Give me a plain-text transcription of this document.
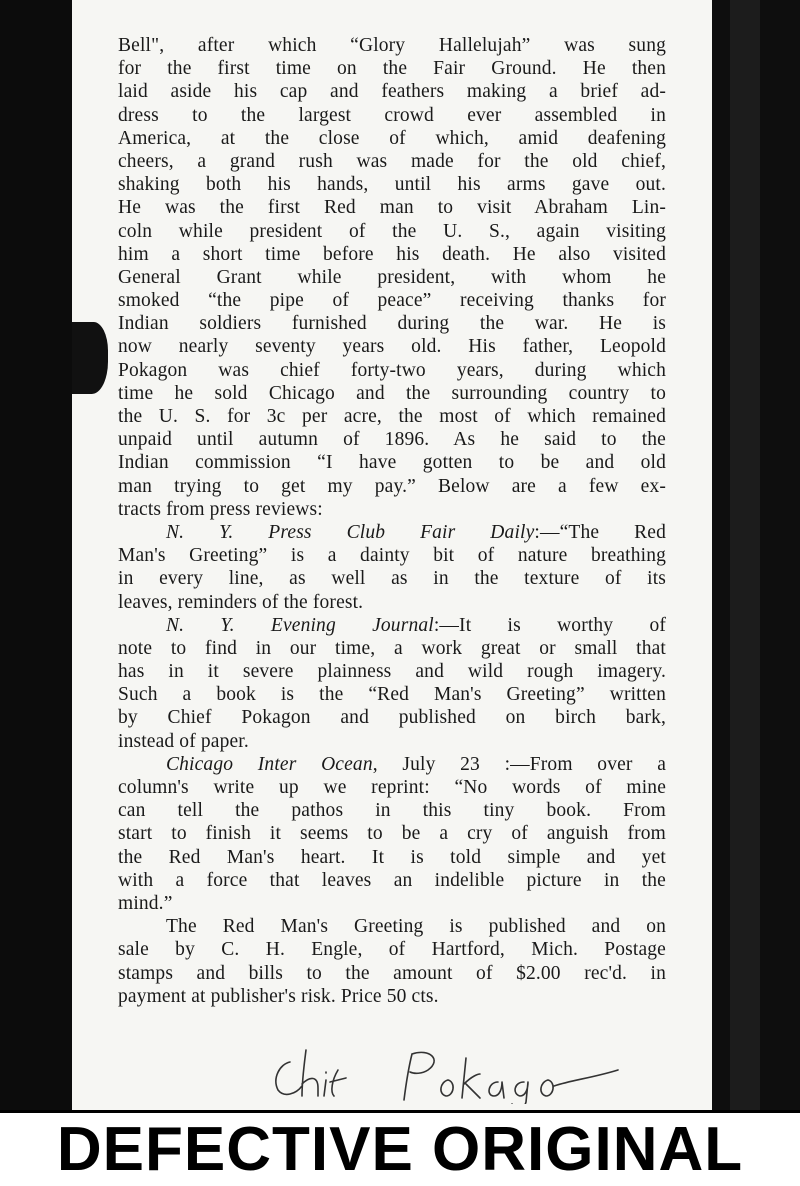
Bell", after which “Glory Hallelujah” was sung
for the first time on the Fair Ground. He then
laid aside his cap and feathers making a brief ad-
dress to the largest crowd ever assembled in
America, at the close of which, amid deafening
cheers, a grand rush was made for the old chief,
shaking both his hands, until his arms gave out.
He was the first Red man to visit Abraham Lin-
coln while president of the U. S., again visiting
him a short time before his death. He also visited
General Grant while president, with whom he
smoked “the pipe of peace” receiving thanks for
Indian soldiers furnished during the war. He is
now nearly seventy years old. His father, Leopold
Pokagon was chief forty-two years, during which
time he sold Chicago and the surrounding country to
the U. S. for 3c per acre, the most of which remained
unpaid until autumn of 1896. As he said to the
Indian commission “I have gotten to be and old
man trying to get my pay.” Below are a few ex-
tracts from press reviews:
N. Y. Press Club Fair Daily:—“The Red
Man's Greeting” is a dainty bit of nature breathing
in every line, as well as in the texture of its
leaves, reminders of the forest.
N. Y. Evening Journal:—It is worthy of
note to find in our time, a work great or small that
has in it severe plainness and wild rough imagery.
Such a book is the “Red Man's Greeting” written
by Chief Pokagon and published on birch bark,
instead of paper.
Chicago Inter Ocean, July 23 :—From over a
column's write up we reprint: “No words of mine
can tell the pathos in this tiny book. From
start to finish it seems to be a cry of anguish from
the Red Man's heart. It is told simple and yet
with a force that leaves an indelible picture in the
mind.”
The Red Man's Greeting is published and on
sale by C. H. Engle, of Hartford, Mich. Postage
stamps and bills to the amount of $2.00 rec'd. in
payment at publisher's risk. Price 50 cts.
DEFECTIVE ORIGINAL
